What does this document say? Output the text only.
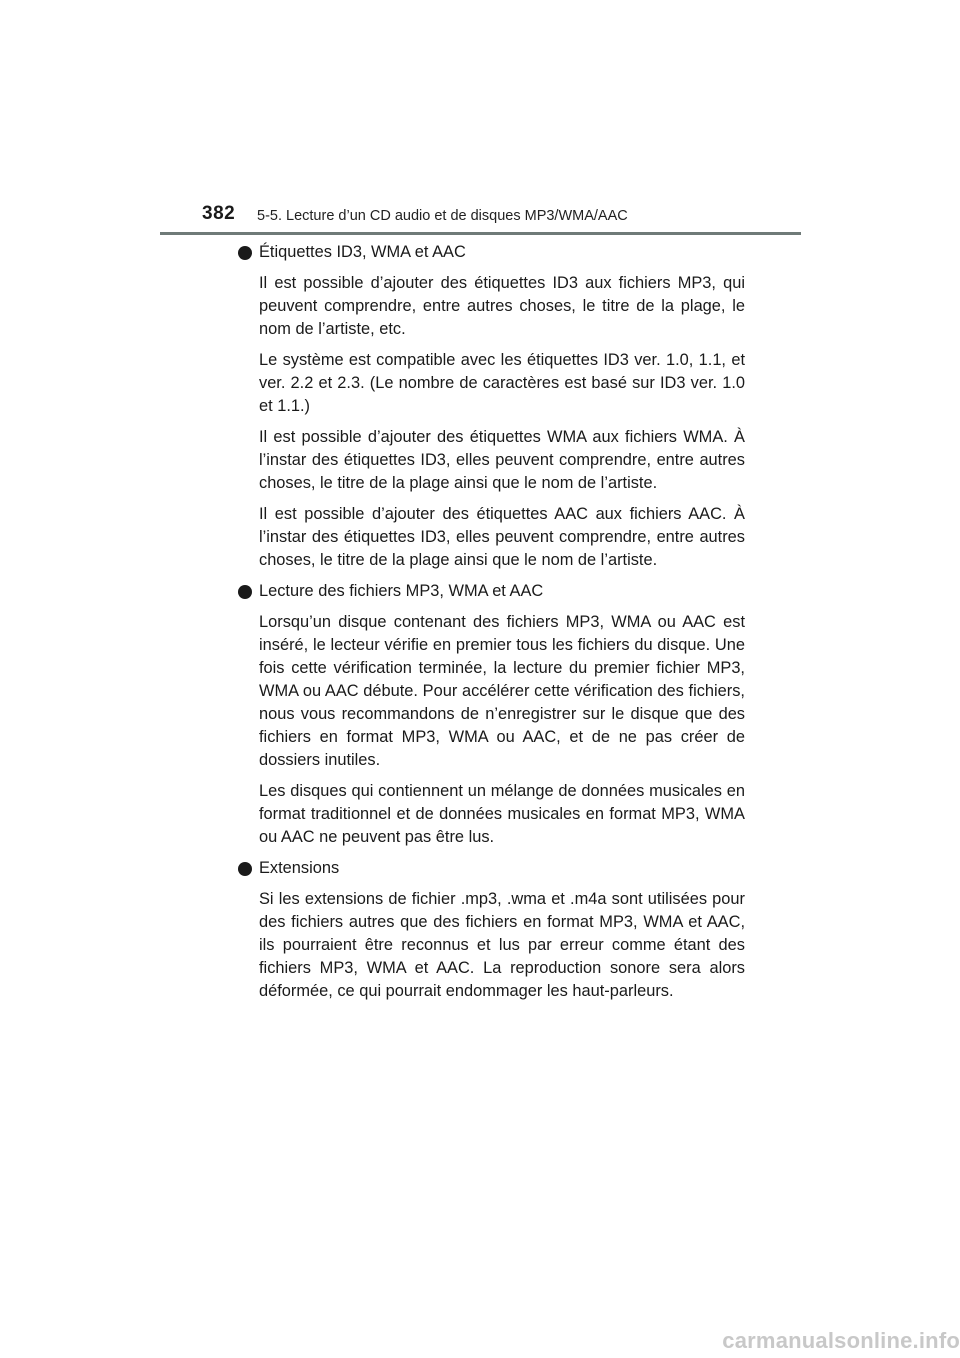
382 5-5. Lecture d’un CD audio et de disques MP3/WMA/AAC
Étiquettes ID3, WMA et AAC

Il est possible d’ajouter des étiquettes ID3 aux fichiers MP3, qui peuvent comprendre, entre autres choses, le titre de la plage, le nom de l’artiste, etc.

Le système est compatible avec les étiquettes ID3 ver. 1.0, 1.1, et ver. 2.2 et 2.3. (Le nombre de caractères est basé sur ID3 ver. 1.0 et 1.1.)

Il est possible d’ajouter des étiquettes WMA aux fichiers WMA. À l’instar des étiquettes ID3, elles peuvent comprendre, entre autres choses, le titre de la plage ainsi que le nom de l’artiste.

Il est possible d’ajouter des étiquettes AAC aux fichiers AAC. À l’instar des étiquettes ID3, elles peuvent comprendre, entre autres choses, le titre de la plage ainsi que le nom de l’artiste.

Lecture des fichiers MP3, WMA et AAC

Lorsqu’un disque contenant des fichiers MP3, WMA ou AAC est inséré, le lecteur vérifie en premier tous les fichiers du disque. Une fois cette vérification terminée, la lecture du premier fichier MP3, WMA ou AAC débute. Pour accélérer cette vérification des fichiers, nous vous recommandons de n’enregistrer sur le disque que des fichiers en format MP3, WMA ou AAC, et de ne pas créer de dossiers inutiles.

Les disques qui contiennent un mélange de données musicales en format traditionnel et de données musicales en format MP3, WMA ou AAC ne peuvent pas être lus.

Extensions

Si les extensions de fichier .mp3, .wma et .m4a sont utilisées pour des fichiers autres que des fichiers en format MP3, WMA et AAC, ils pourraient être reconnus et lus par erreur comme étant des fichiers MP3, WMA et AAC. La reproduction sonore sera alors déformée, ce qui pourrait endommager les haut-parleurs.

carmanualsonline.info
